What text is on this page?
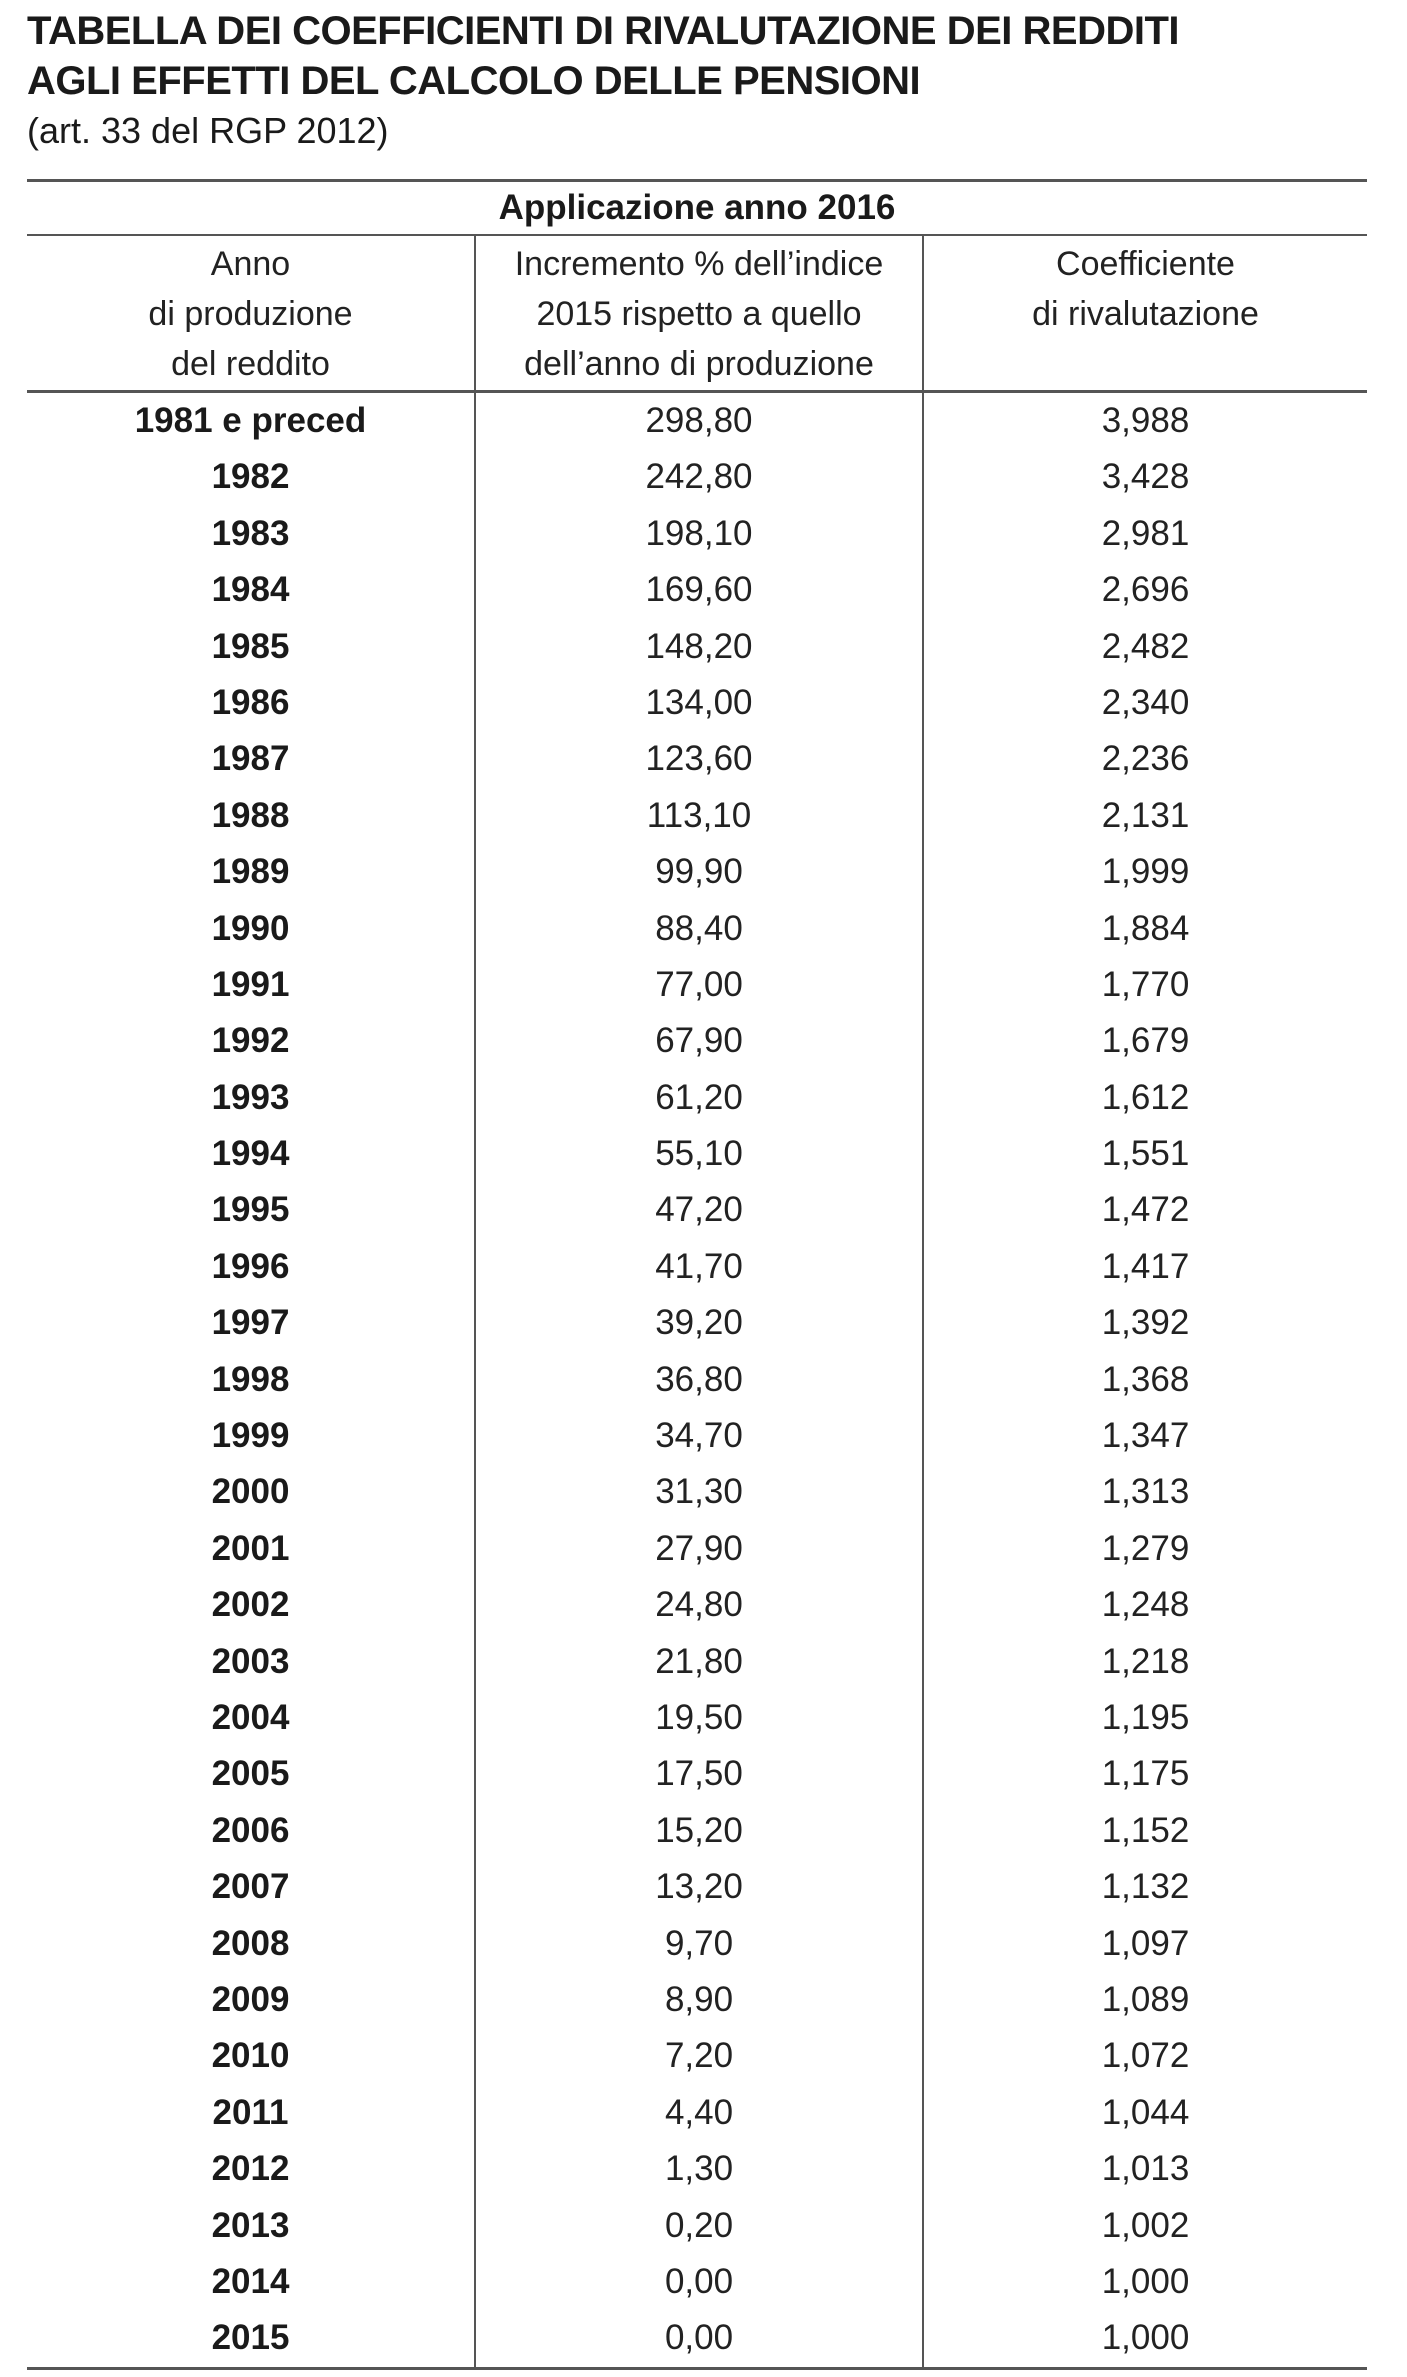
TABELLA DEI COEFFICIENTI DI RIVALUTAZIONE DEI REDDITI
AGLI EFFETTI DEL CALCOLO DELLE PENSIONI
(art. 33 del RGP 2012)
Applicazione anno 2016
Anno
di produzione
del reddito
Incremento % dell’indice
2015 rispetto a quello
dell’anno di produzione
Coefficiente
di rivalutazione
1981 e preced
1982
1983
1984
1985
1986
1987
1988
1989
1990
1991
1992
1993
1994
1995
1996
1997
1998
1999
2000
2001
2002
2003
2004
2005
2006
2007
2008
2009
2010
2011
2012
2013
2014
2015
298,80
242,80
198,10
169,60
148,20
134,00
123,60
113,10
99,90
88,40
77,00
67,90
61,20
55,10
47,20
41,70
39,20
36,80
34,70
31,30
27,90
24,80
21,80
19,50
17,50
15,20
13,20
9,70
8,90
7,20
4,40
1,30
0,20
0,00
0,00
3,988
3,428
2,981
2,696
2,482
2,340
2,236
2,131
1,999
1,884
1,770
1,679
1,612
1,551
1,472
1,417
1,392
1,368
1,347
1,313
1,279
1,248
1,218
1,195
1,175
1,152
1,132
1,097
1,089
1,072
1,044
1,013
1,002
1,000
1,000
